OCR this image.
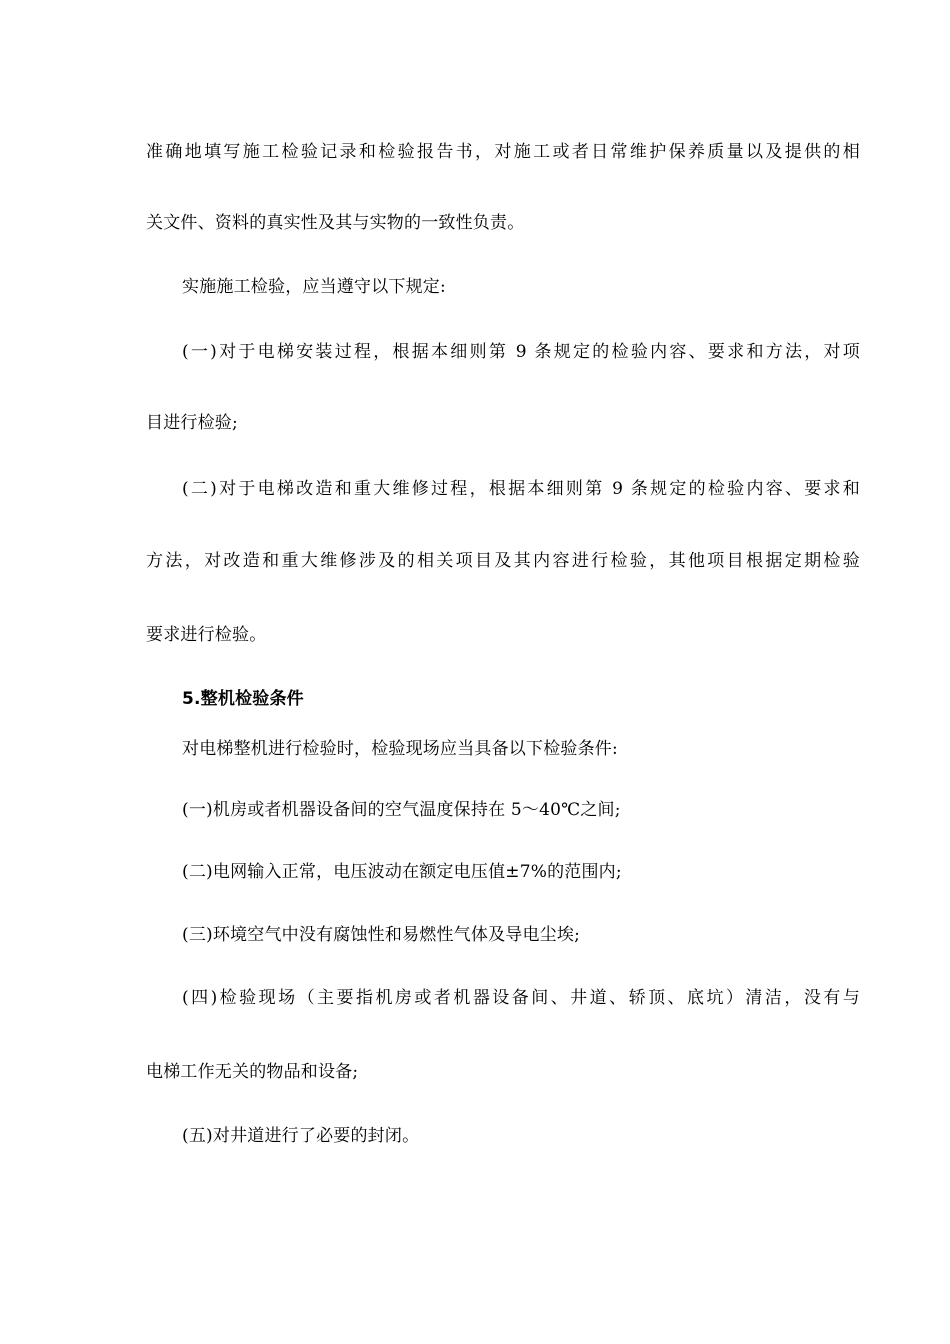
准确地填写施工检验记录和检验报告书，对施工或者日常维护保养质量以及提供的相
关文件、资料的真实性及其与实物的一致性负责。
实施施工检验，应当遵守以下规定:
(一)对于电梯安装过程，根据本细则第 9 条规定的检验内容、要求和方法，对项
目进行检验;
(二)对于电梯改造和重大维修过程，根据本细则第 9 条规定的检验内容、要求和
方法，对改造和重大维修涉及的相关项目及其内容进行检验，其他项目根据定期检验
要求进行检验。
5.整机检验条件
对电梯整机进行检验时，检验现场应当具备以下检验条件:
(一)机房或者机器设备间的空气温度保持在 5～40℃之间;
(二)电网输入正常，电压波动在额定电压值±7%的范围内;
(三)环境空气中没有腐蚀性和易燃性气体及导电尘埃;
(四)检验现场（主要指机房或者机器设备间、井道、轿顶、底坑）清洁，没有与
电梯工作无关的物品和设备;
(五)对井道进行了必要的封闭。
